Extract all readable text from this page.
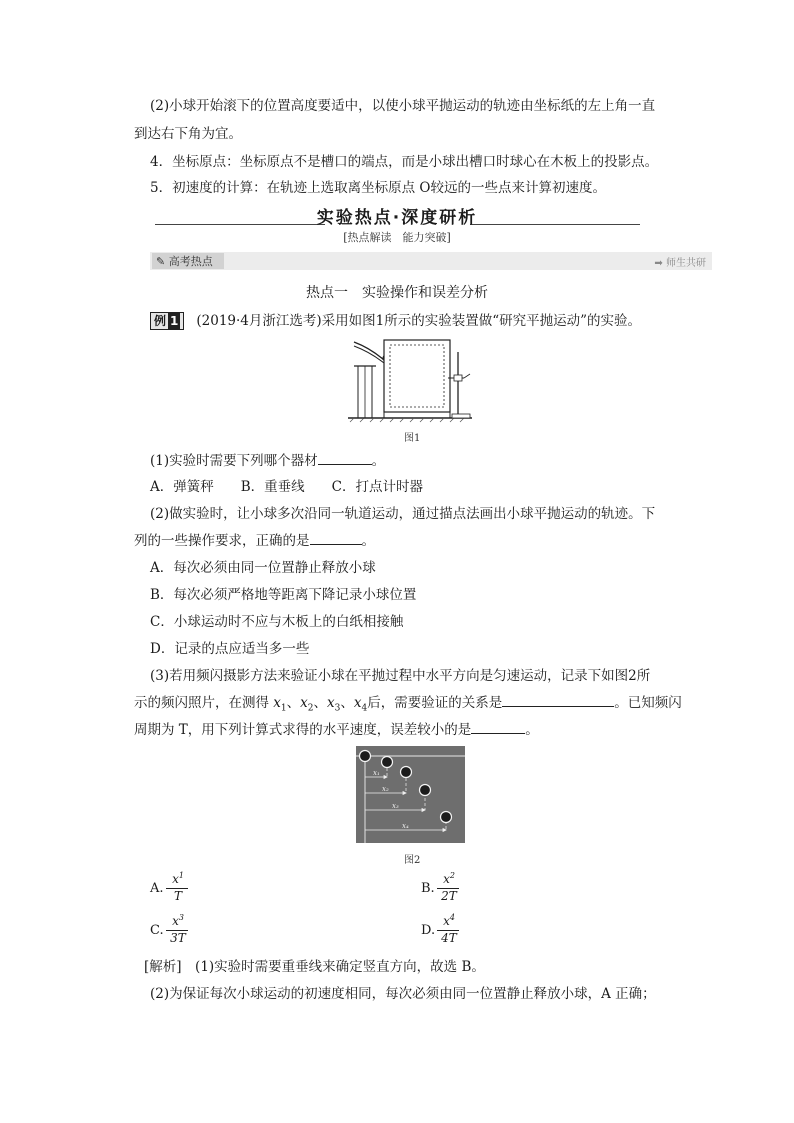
(2)小球开始滚下的位置高度要适中，以使小球平抛运动的轨迹由坐标纸的左上角一直
到达右下角为宜。
4．坐标原点：坐标原点不是槽口的端点，而是小球出槽口时球心在木板上的投影点。
5．初速度的计算：在轨迹上选取离坐标原点 O较远的一些点来计算初速度。
实验热点·深度研析
[热点解读　能力突破]
✎ 高考热点	➡ 师生共研
热点一　实验操作和误差分析
例 1 (2019·4月浙江选考)采用如图1所示的实验装置做“研究平抛运动”的实验。
图1
(1)实验时需要下列哪个器材	。
A．弹簧秤　　B．重垂线　　C．打点计时器
(2)做实验时，让小球多次沿同一轨道运动，通过描点法画出小球平抛运动的轨迹。下
列的一些操作要求，正确的是	。
A．每次必须由同一位置静止释放小球
B．每次必须严格地等距离下降记录小球位置
C．小球运动时不应与木板上的白纸相接触
D．记录的点应适当多一些
(3)若用频闪摄影方法来验证小球在平抛过程中水平方向是匀速运动，记录下如图2所
示的频闪照片，在测得 $x_1$、$x_2$、$x_3$、$x_4$后，需要验证的关系是	。已知频闪
周期为 T，用下列计算式求得的水平速度，误差较小的是	。
x₁
x₂
x₃
x₄
图2
A.
$x^1$
T	B.
$x^2$
2T
C.
$x^3$
3T	D.
$x^4$
4T
[解析]　(1)实验时需要重垂线来确定竖直方向，故选 B。
(2)为保证每次小球运动的初速度相同，每次必须由同一位置静止释放小球，A 正确；
